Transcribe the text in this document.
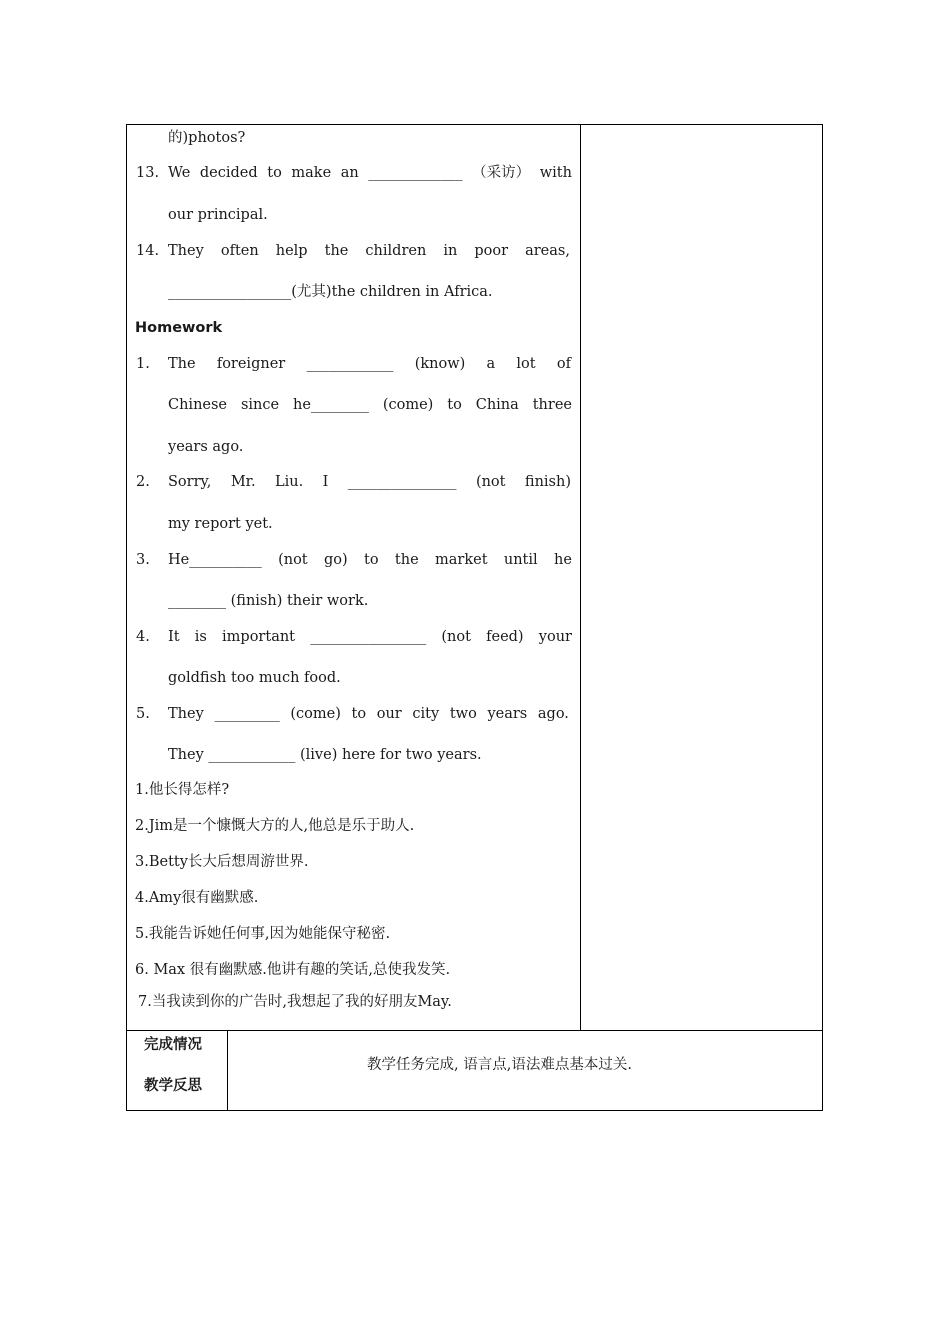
的)photos?
13. We decided to make an _____________ （采访） with
our principal.
14. They often help the children in poor areas,
_________________(尤其)the children in Africa.
Homework
1. The foreigner ____________ (know) a lot of
Chinese since he________ (come) to China three
years ago.
2. Sorry, Mr. Liu. I _______________ (not finish)
my report yet.
3. He__________ (not go) to the market until he
________ (finish) their work.
4. It is important ________________ (not feed) your
goldfish too much food.
5. They _________ (come) to our city two years ago.
They ____________ (live) here for two years.
1.他长得怎样?
2.Jim是一个慷慨大方的人,他总是乐于助人.
3.Betty长大后想周游世界.
4.Amy很有幽默感.
5.我能告诉她任何事,因为她能保守秘密.
6. Max 很有幽默感.他讲有趣的笑话,总使我发笑.
7.当我读到你的广告时,我想起了我的好朋友May.
完成情况
教学反思
教学任务完成, 语言点,语法难点基本过关.
